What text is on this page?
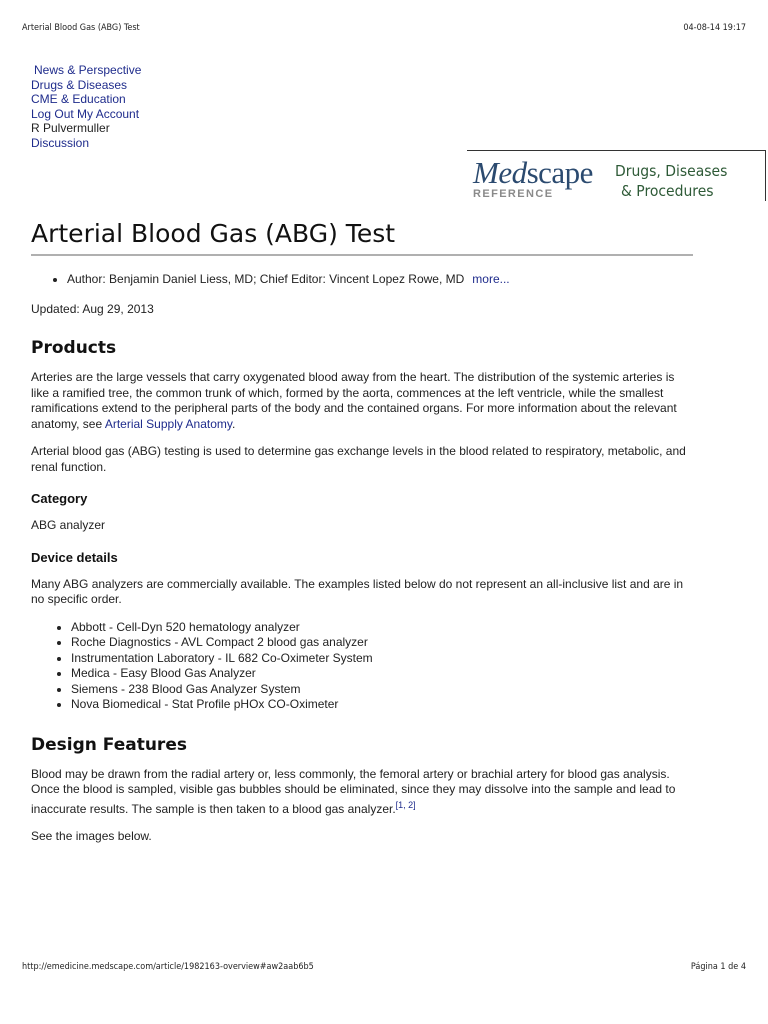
Arterial Blood Gas (ABG) Test	04-08-14 19:17
News & Perspective
Drugs & Diseases
CME & Education
Log Out My Account
R Pulvermuller
Discussion
Medscape
REFERENCE
Drugs, Diseases
& Procedures
Arterial Blood Gas (ABG) Test
• Author: Benjamin Daniel Liess, MD; Chief Editor: Vincent Lopez Rowe, MD more...
Updated: Aug 29, 2013
Products

Arteries are the large vessels that carry oxygenated blood away from the heart. The distribution of the systemic arteries is like a ramified tree, the common trunk of which, formed by the aorta, commences at the left ventricle, while the smallest ramifications extend to the peripheral parts of the body and the contained organs. For more information about the relevant anatomy, see Arterial Supply Anatomy.

Arterial blood gas (ABG) testing is used to determine gas exchange levels in the blood related to respiratory, metabolic, and renal function.

Category

ABG analyzer

Device details

Many ABG analyzers are commercially available. The examples listed below do not represent an all-inclusive list and are in no specific order.

• Abbott - Cell-Dyn 520 hematology analyzer
• Roche Diagnostics - AVL Compact 2 blood gas analyzer
• Instrumentation Laboratory - IL 682 Co-Oximeter System
• Medica - Easy Blood Gas Analyzer
• Siemens - 238 Blood Gas Analyzer System
• Nova Biomedical - Stat Profile pHOx CO-Oximeter
Design Features

Blood may be drawn from the radial artery or, less commonly, the femoral artery or brachial artery for blood gas analysis. Once the blood is sampled, visible gas bubbles should be eliminated, since they may dissolve into the sample and lead to inaccurate results. The sample is then taken to a blood gas analyzer.[1, 2]

See the images below.

http://emedicine.medscape.com/article/1982163-overview#aw2aab6b5	Página 1 de 4
